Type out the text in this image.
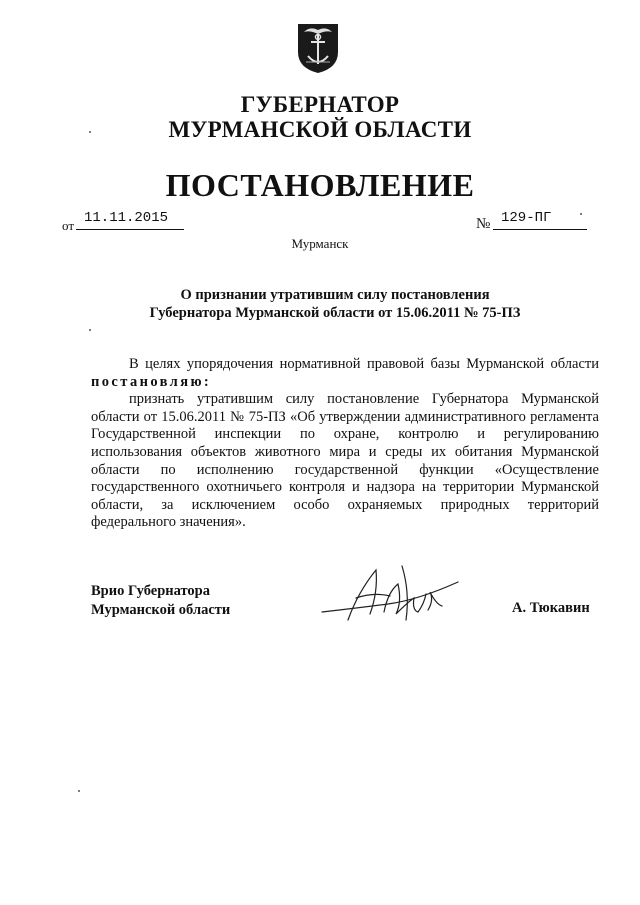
ГУБЕРНАТОР
МУРМАНСКОЙ ОБЛАСТИ
ПОСТАНОВЛЕНИЕ
от 11.11.2015	№ 129-ПГ
Мурманск
О признании утратившим силу постановления
Губернатора Мурманской области от 15.06.2011 № 75-ПЗ

В целях упорядочения нормативной правовой базы Мурманской области постановляю:

признать утратившим силу постановление Губернатора Мурманской области от 15.06.2011 № 75-ПЗ «Об утверждении административного регламента Государственной инспекции по охране, контролю и регулированию использования объектов животного мира и среды их обитания Мурманской области по исполнению государственной функции «Осуществление государственного охотничьего контроля и надзора на территории Мурманской области, за исключением особо охраняемых природных территорий федерального значения».

Врио Губернатора
Мурманской области	А. Тюкавин
